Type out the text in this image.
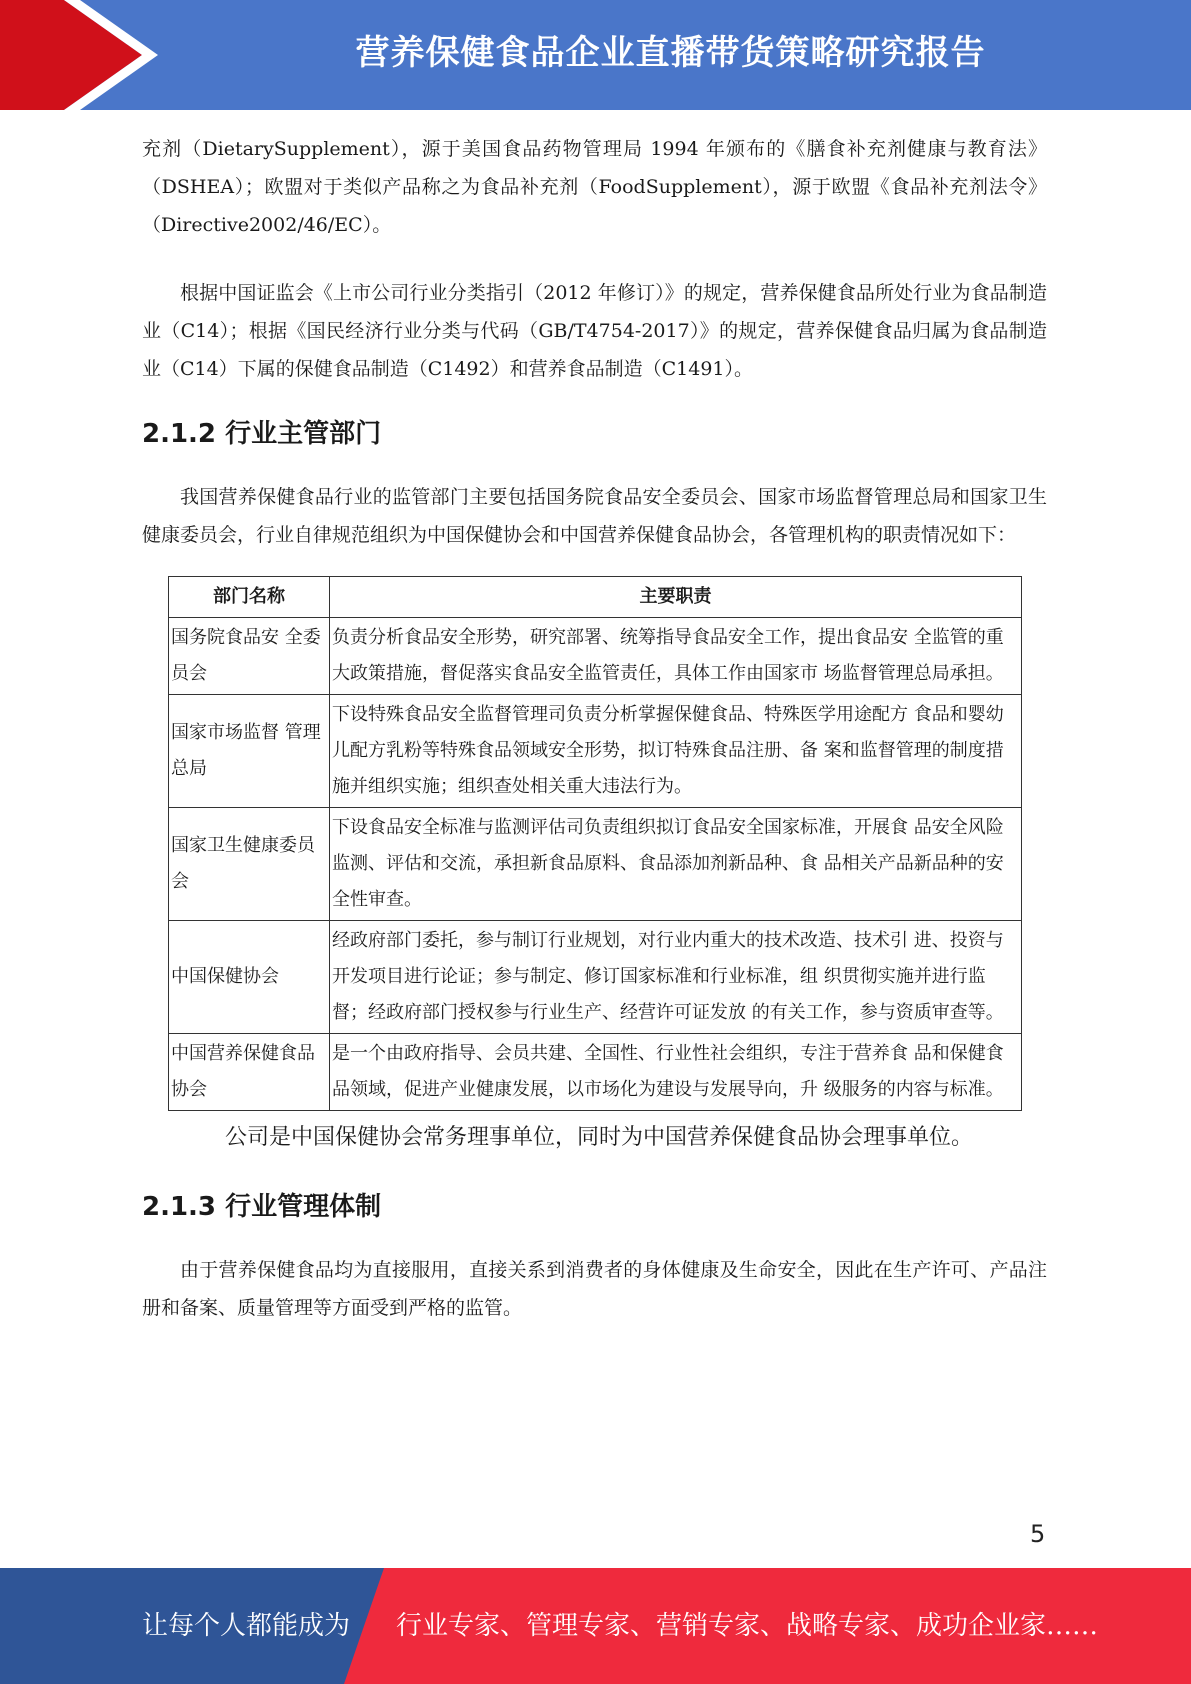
营养保健食品企业直播带货策略研究报告

充剂（DietarySupplement），源于美国食品药物管理局 1994 年颁布的《膳食补充剂健康与教育法》（DSHEA）；欧盟对于类似产品称之为食品补充剂（FoodSupplement），源于欧盟《食品补充剂法令》（Directive2002/46/EC）。

根据中国证监会《上市公司行业分类指引（2012 年修订）》的规定，营养保健食品所处行业为食品制造业（C14）；根据《国民经济行业分类与代码（GB/T4754-2017）》的规定，营养保健食品归属为食品制造业（C14）下属的保健食品制造（C1492）和营养食品制造（C1491）。

2.1.2 行业主管部门

我国营养保健食品行业的监管部门主要包括国务院食品安全委员会、国家市场监督管理总局和国家卫生健康委员会，行业自律规范组织为中国保健协会和中国营养保健食品协会，各管理机构的职责情况如下：

部门名称	主要职责
国务院食品安 全委员会	负责分析食品安全形势，研究部署、统筹指导食品安全工作，提出食品安 全监管的重大政策措施，督促落实食品安全监管责任，具体工作由国家市 场监督管理总局承担。
国家市场监督 管理总局	下设特殊食品安全监督管理司负责分析掌握保健食品、特殊医学用途配方 食品和婴幼儿配方乳粉等特殊食品领域安全形势，拟订特殊食品注册、备 案和监督管理的制度措施并组织实施；组织查处相关重大违法行为。
国家卫生健康委员会	下设食品安全标准与监测评估司负责组织拟订食品安全国家标准，开展食 品安全风险监测、评估和交流，承担新食品原料、食品添加剂新品种、食 品相关产品新品种的安全性审查。
中国保健协会	经政府部门委托，参与制订行业规划，对行业内重大的技术改造、技术引 进、投资与开发项目进行论证；参与制定、修订国家标准和行业标准，组 织贯彻实施并进行监督；经政府部门授权参与行业生产、经营许可证发放 的有关工作，参与资质审查等。
中国营养保健食品协会	是一个由政府指导、会员共建、全国性、行业性社会组织，专注于营养食 品和保健食品领域，促进产业健康发展，以市场化为建设与发展导向，升 级服务的内容与标准。

公司是中国保健协会常务理事单位，同时为中国营养保健食品协会理事单位。

2.1.3 行业管理体制

由于营养保健食品均为直接服用，直接关系到消费者的身体健康及生命安全，因此在生产许可、产品注册和备案、质量管理等方面受到严格的监管。

5
让每个人都能成为 行业专家、管理专家、营销专家、战略专家、成功企业家……
